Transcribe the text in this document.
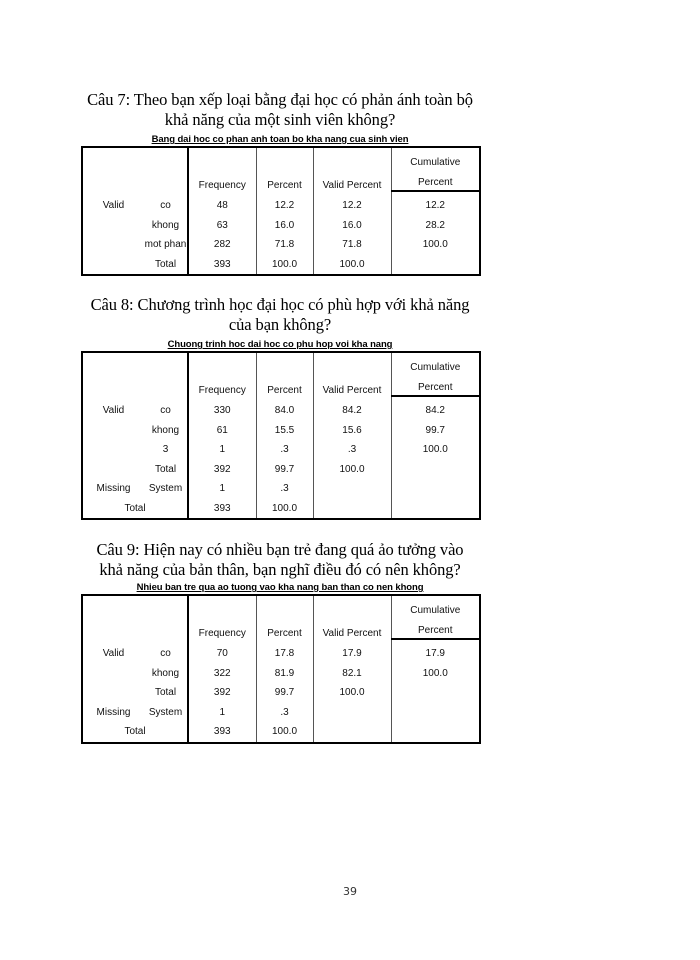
Câu 7: Theo bạn xếp loại bằng đại học có phản ánh toàn bộ
khả năng của một sinh viên không?

Bang dai hoc co phan anh toan bo kha nang cua sinh vien
		Frequency	Percent	Valid Percent	Cumulative
					Percent
Valid	co	48	12.2	12.2	12.2
	khong	63	16.0	16.0	28.2
	mot phan	282	71.8	71.8	100.0
	Total	393	100.0	100.0	

Câu 8: Chương trình học đại học có phù hợp với khả năng
của bạn không?

Chuong trinh hoc dai hoc co phu hop voi kha nang
		Frequency	Percent	Valid Percent	Cumulative
					Percent
Valid	co	330	84.0	84.2	84.2
	khong	61	15.5	15.6	99.7
	3	1	.3	.3	100.0
	Total	392	99.7	100.0	
Missing	System	1	.3		
Total		393	100.0		

Câu 9: Hiện nay có nhiều bạn trẻ đang quá ảo tưởng vào
khả năng của bản thân, bạn nghĩ điều đó có nên không?

Nhieu ban tre qua ao tuong vao kha nang ban than co nen khong
		Frequency	Percent	Valid Percent	Cumulative
					Percent
Valid	co	70	17.8	17.9	17.9
	khong	322	81.9	82.1	100.0
	Total	392	99.7	100.0	
Missing	System	1	.3		
Total		393	100.0		
39
